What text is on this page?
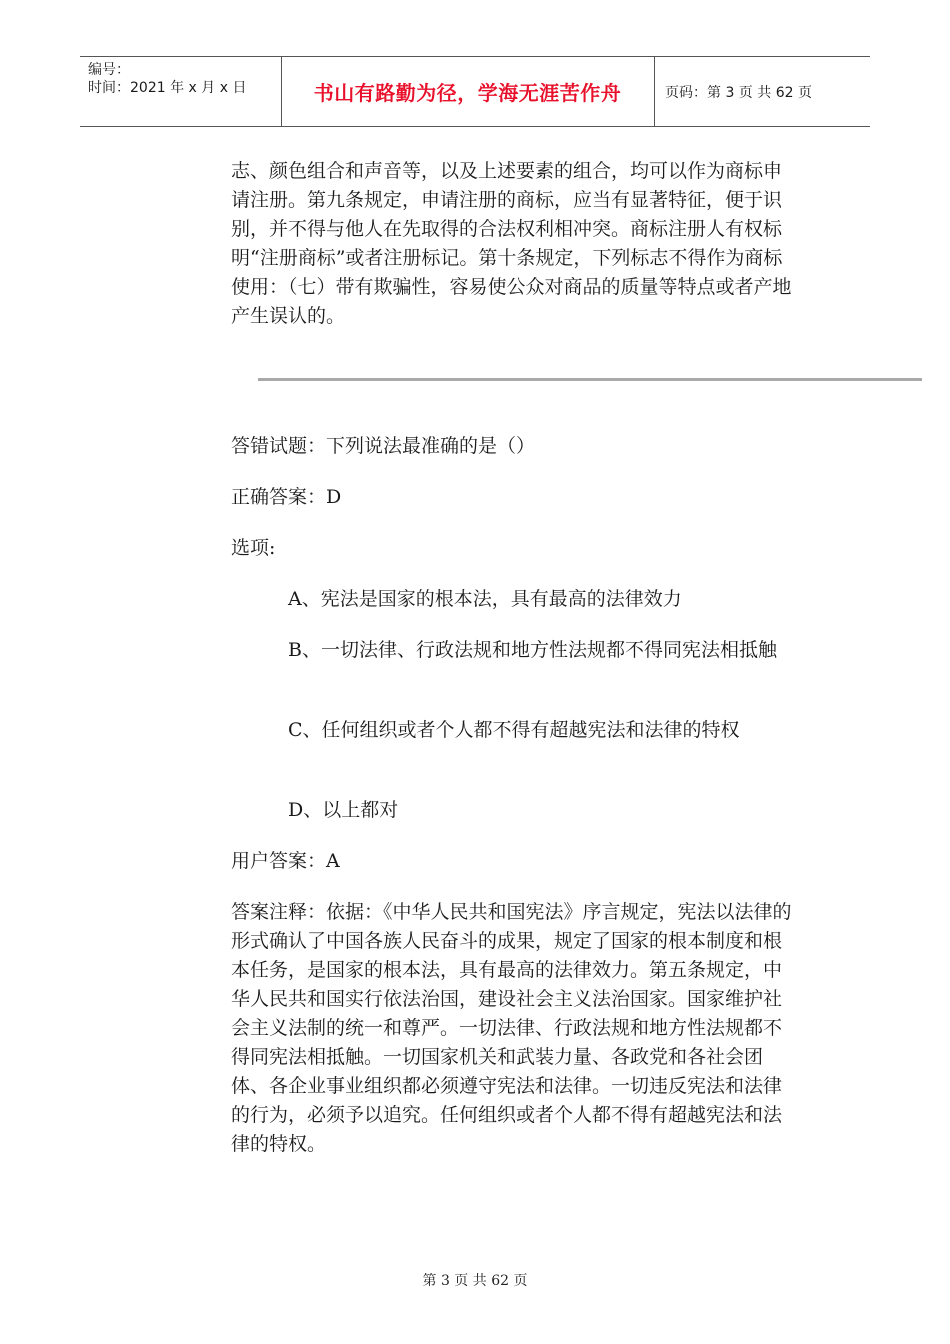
编号：
时间：2021 年 x 月 x 日	书山有路勤为径，学海无涯苦作舟	页码：第 3 页 共 62 页

志、颜色组合和声音等，以及上述要素的组合，均可以作为商标申请注册。第九条规定，申请注册的商标，应当有显著特征，便于识别，并不得与他人在先取得的合法权利相冲突。商标注册人有权标明“注册商标”或者注册标记。第十条规定，下列标志不得作为商标使用：（七）带有欺骗性，容易使公众对商品的质量等特点或者产地产生误认的。

答错试题：下列说法最准确的是（）

正确答案：D

选项:

A、宪法是国家的根本法，具有最高的法律效力

B、一切法律、行政法规和地方性法规都不得同宪法相抵触

C、任何组织或者个人都不得有超越宪法和法律的特权

D、以上都对

用户答案：A

答案注释：依据：《中华人民共和国宪法》序言规定，宪法以法律的形式确认了中国各族人民奋斗的成果，规定了国家的根本制度和根本任务，是国家的根本法，具有最高的法律效力。第五条规定，中华人民共和国实行依法治国，建设社会主义法治国家。国家维护社会主义法制的统一和尊严。一切法律、行政法规和地方性法规都不得同宪法相抵触。一切国家机关和武装力量、各政党和各社会团体、各企业事业组织都必须遵守宪法和法律。一切违反宪法和法律的行为，必须予以追究。任何组织或者个人都不得有超越宪法和法律的特权。

第 3 页 共 62 页
